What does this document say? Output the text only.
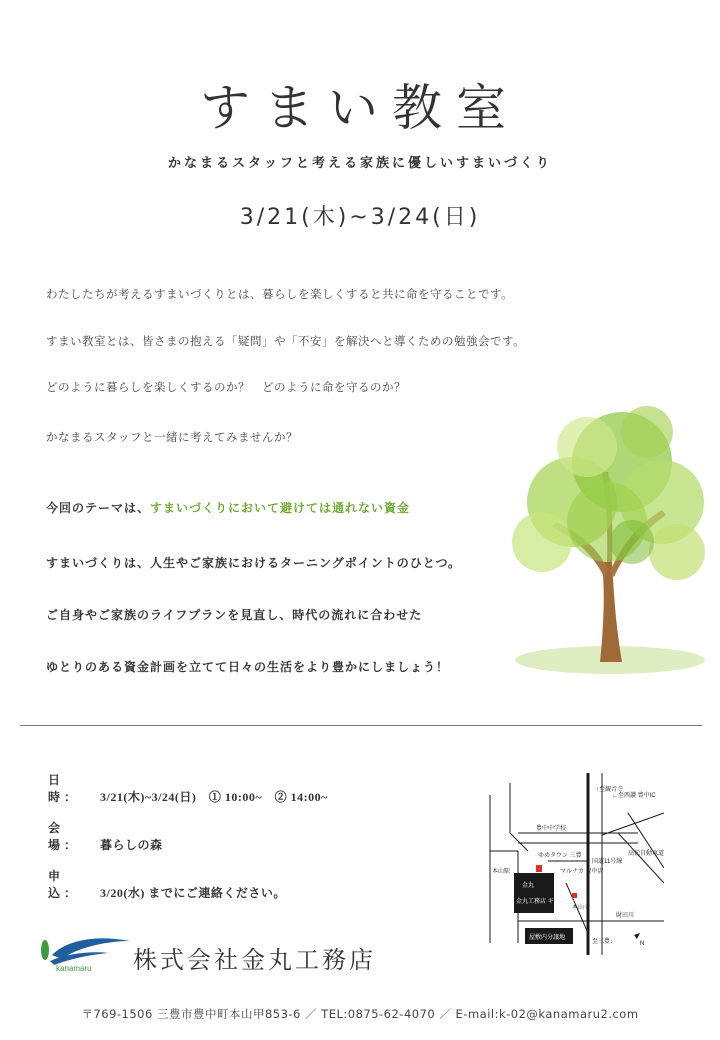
すまい教室
かなまるスタッフと考える家族に優しいすまいづくり
3/21(木)~3/24(日)
わたしたちが考えるすまいづくりとは、暮らしを楽しくすると共に命を守ることです。
すまい教室とは、皆さまの抱える「疑問」や「不安」を解決へと導くための勉強会です。
どのように暮らしを楽しくするのか？　どのように命を守るのか？
かなまるスタッフと一緒に考えてみませんか？
今回のテーマは、すまいづくりにおいて避けては通れない資金
すまいづくりは、人生やご家族におけるターニングポイントのひとつ。
ご自身やご家族のライフプランを見直し、時代の流れに合わせた
ゆとりのある資金計画を立てて日々の生活をより豊かにしましょう！
日　時： 3/21(木)~3/24(日)　① 10:00~　② 14:00~
会　場： 暮らしの森
申　込： 3/20(水) までにご連絡ください。
↑至観音寺
←至西讃 豊中IC
豊中中学校
ゆめタウン 三豊
国道11号線
マルナカ 豊中店
高松自動車道
財田川
本山寺
本山駅
至三豊↓	N
金丸
金丸工務店 ギャラリー
屋敷内分譲地
kanamaru 株式会社金丸工務店
〒769-1506 三豊市豊中町本山甲853-6 ／ TEL:0875-62-4070 ／ E-mail:k-02@kanamaru2.com
